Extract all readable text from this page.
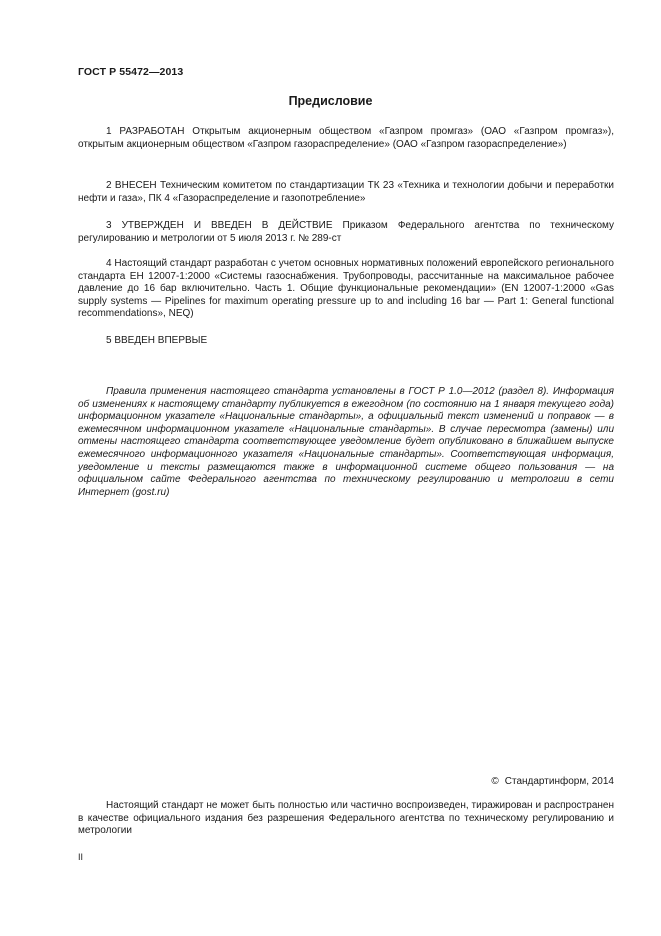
ГОСТ Р 55472—2013
Предисловие

1 РАЗРАБОТАН Открытым акционерным обществом «Газпром промгаз» (ОАО «Газпром промгаз»), открытым акционерным обществом «Газпром газораспределение» (ОАО «Газпром газораспределение»)

2 ВНЕСЕН Техническим комитетом по стандартизации ТК 23 «Техника и технологии добычи и переработки нефти и газа», ПК 4 «Газораспределение и газопотребление»

3 УТВЕРЖДЕН И ВВЕДЕН В ДЕЙСТВИЕ Приказом Федерального агентства по техническому регулированию и метрологии от 5 июля 2013 г. № 289-ст

4 Настоящий стандарт разработан с учетом основных нормативных положений европейского регионального стандарта ЕН 12007-1:2000 «Системы газоснабжения. Трубопроводы, рассчитанные на максимальное рабочее давление до 16 бар включительно. Часть 1. Общие функциональные рекомендации» (EN 12007-1:2000 «Gas supply systems — Pipelines for maximum operating pressure up to and including 16 bar — Part 1: General functional recommendations», NEQ)

5 ВВЕДЕН ВПЕРВЫЕ

Правила применения настоящего стандарта установлены в ГОСТ Р 1.0—2012 (раздел 8). Информация об изменениях к настоящему стандарту публикуется в ежегодном (по состоянию на 1 января текущего года) информационном указателе «Национальные стандарты», а официальный текст изменений и поправок — в ежемесячном информационном указателе «Национальные стандарты». В случае пересмотра (замены) или отмены настоящего стандарта соответствующее уведомление будет опубликовано в ближайшем выпуске ежемесячного информационного указателя «Национальные стандарты». Соответствующая информация, уведомление и тексты размещаются также в информационной системе общего пользования — на официальном сайте Федерального агентства по техническому регулированию и метрологии в сети Интернет (gost.ru)

© Стандартинформ, 2014

Настоящий стандарт не может быть полностью или частично воспроизведен, тиражирован и распространен в качестве официального издания без разрешения Федерального агентства по техническому регулированию и метрологии

II
